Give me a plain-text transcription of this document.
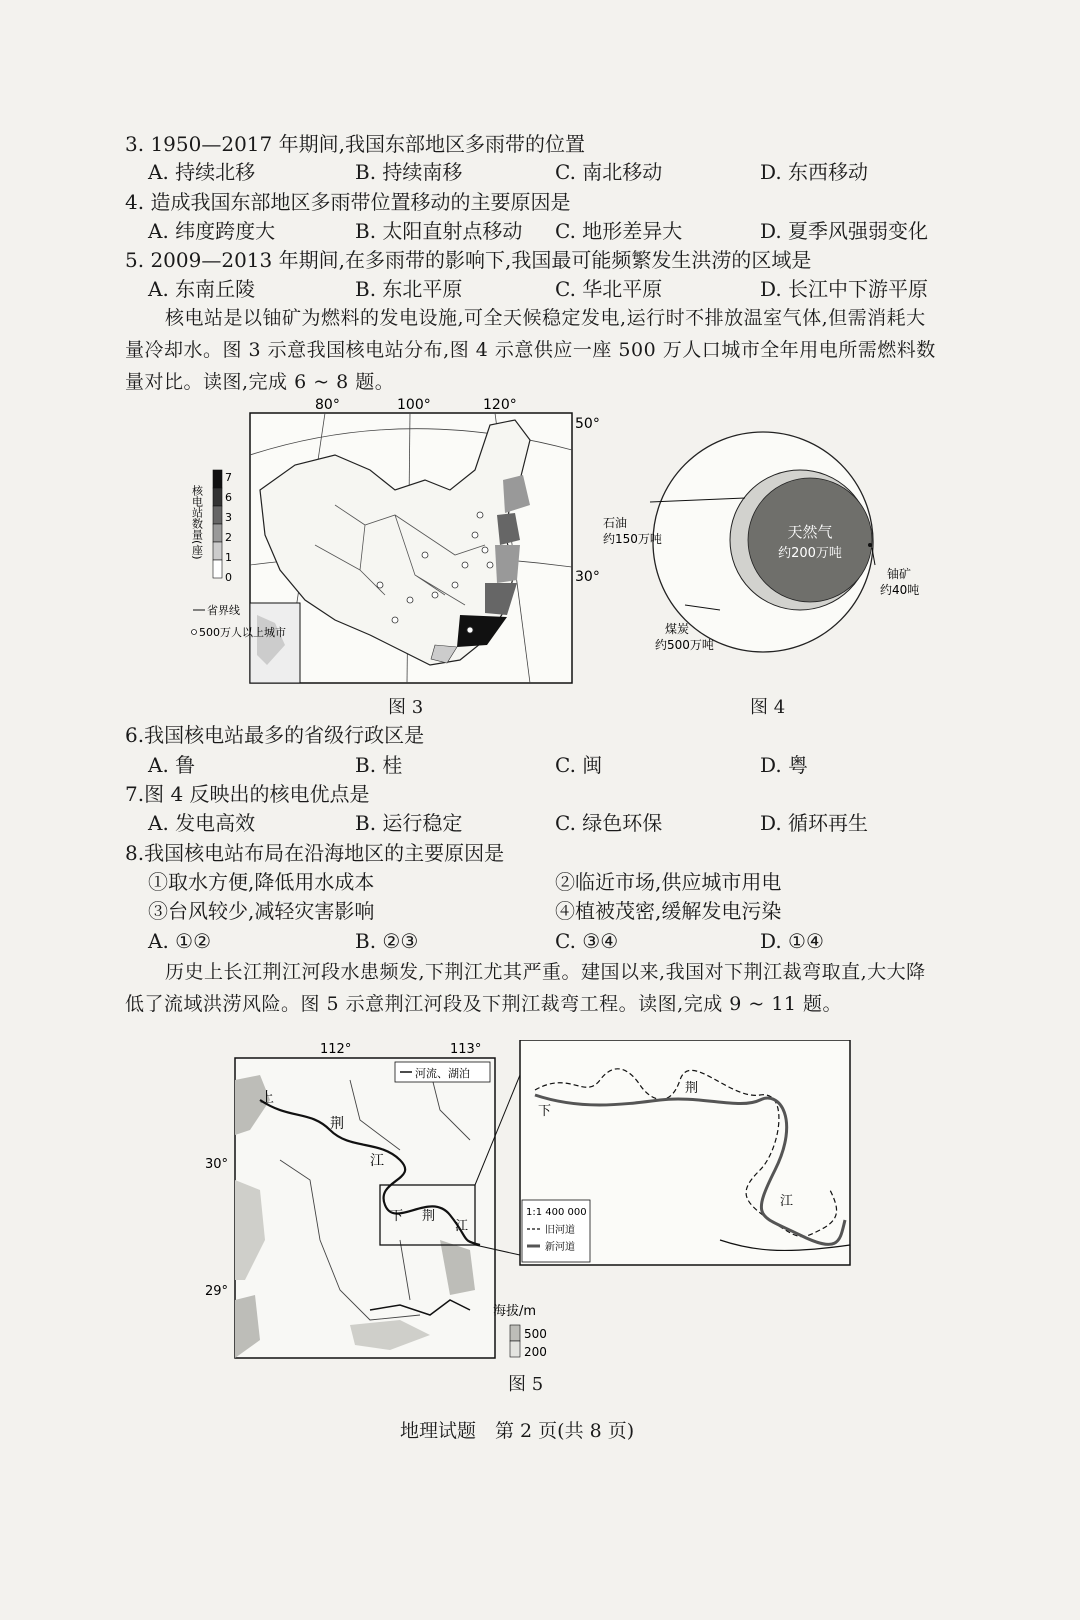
3. 1950—2017 年期间,我国东部地区多雨带的位置
A. 持续北移	B. 持续南移	C. 南北移动	D. 东西移动
4. 造成我国东部地区多雨带位置移动的主要原因是
A. 纬度跨度大	B. 太阳直射点移动 C. 地形差异大	D. 夏季风强弱变化
5. 2009—2013 年期间,在多雨带的影响下,我国最可能频繁发生洪涝的区域是
A. 东南丘陵	B. 东北平原	C. 华北平原	D. 长江中下游平原
核电站是以铀矿为燃料的发电设施,可全天候稳定发电,运行时不排放温室气体,但需消耗大量冷却水。图 3 示意我国核电站分布,图 4 示意供应一座 500 万人口城市全年用电所需燃料数量对比。读图,完成 6 ~ 8 题。
80°	100°	120°
50°
30°
7
6
3
2
1
0
核电站数量(座)
省界线
500万人以上城市
图 3
天然气
约200万吨
石油
约150万吨
铀矿
约40吨
煤炭
约500万吨
图 4
6.我国核电站最多的省级行政区是
A. 鲁	B. 桂	C. 闽	D. 粤
7.图 4 反映出的核电优点是
A. 发电高效	B. 运行稳定	C. 绿色环保	D. 循环再生
8.我国核电站布局在沿海地区的主要原因是
①取水方便,降低用水成本	②临近市场,供应城市用电
③台风较少,减轻灾害影响	④植被茂密,缓解发电污染
A. ①②	B. ②③	C. ③④	D. ①④
历史上长江荆江河段水患频发,下荆江尤其严重。建国以来,我国对下荆江裁弯取直,大大降低了流域洪涝风险。图 5 示意荆江河段及下荆江裁弯工程。读图,完成 9 ~ 11 题。
112°	113°
30°
29°
上
荆
江
下 荆
江
河流、湖泊
海拔/m
500
200
下
荆
江
1:1 400 000
旧河道
新河道
图 5
地理试题　第 2 页(共 8 页)
